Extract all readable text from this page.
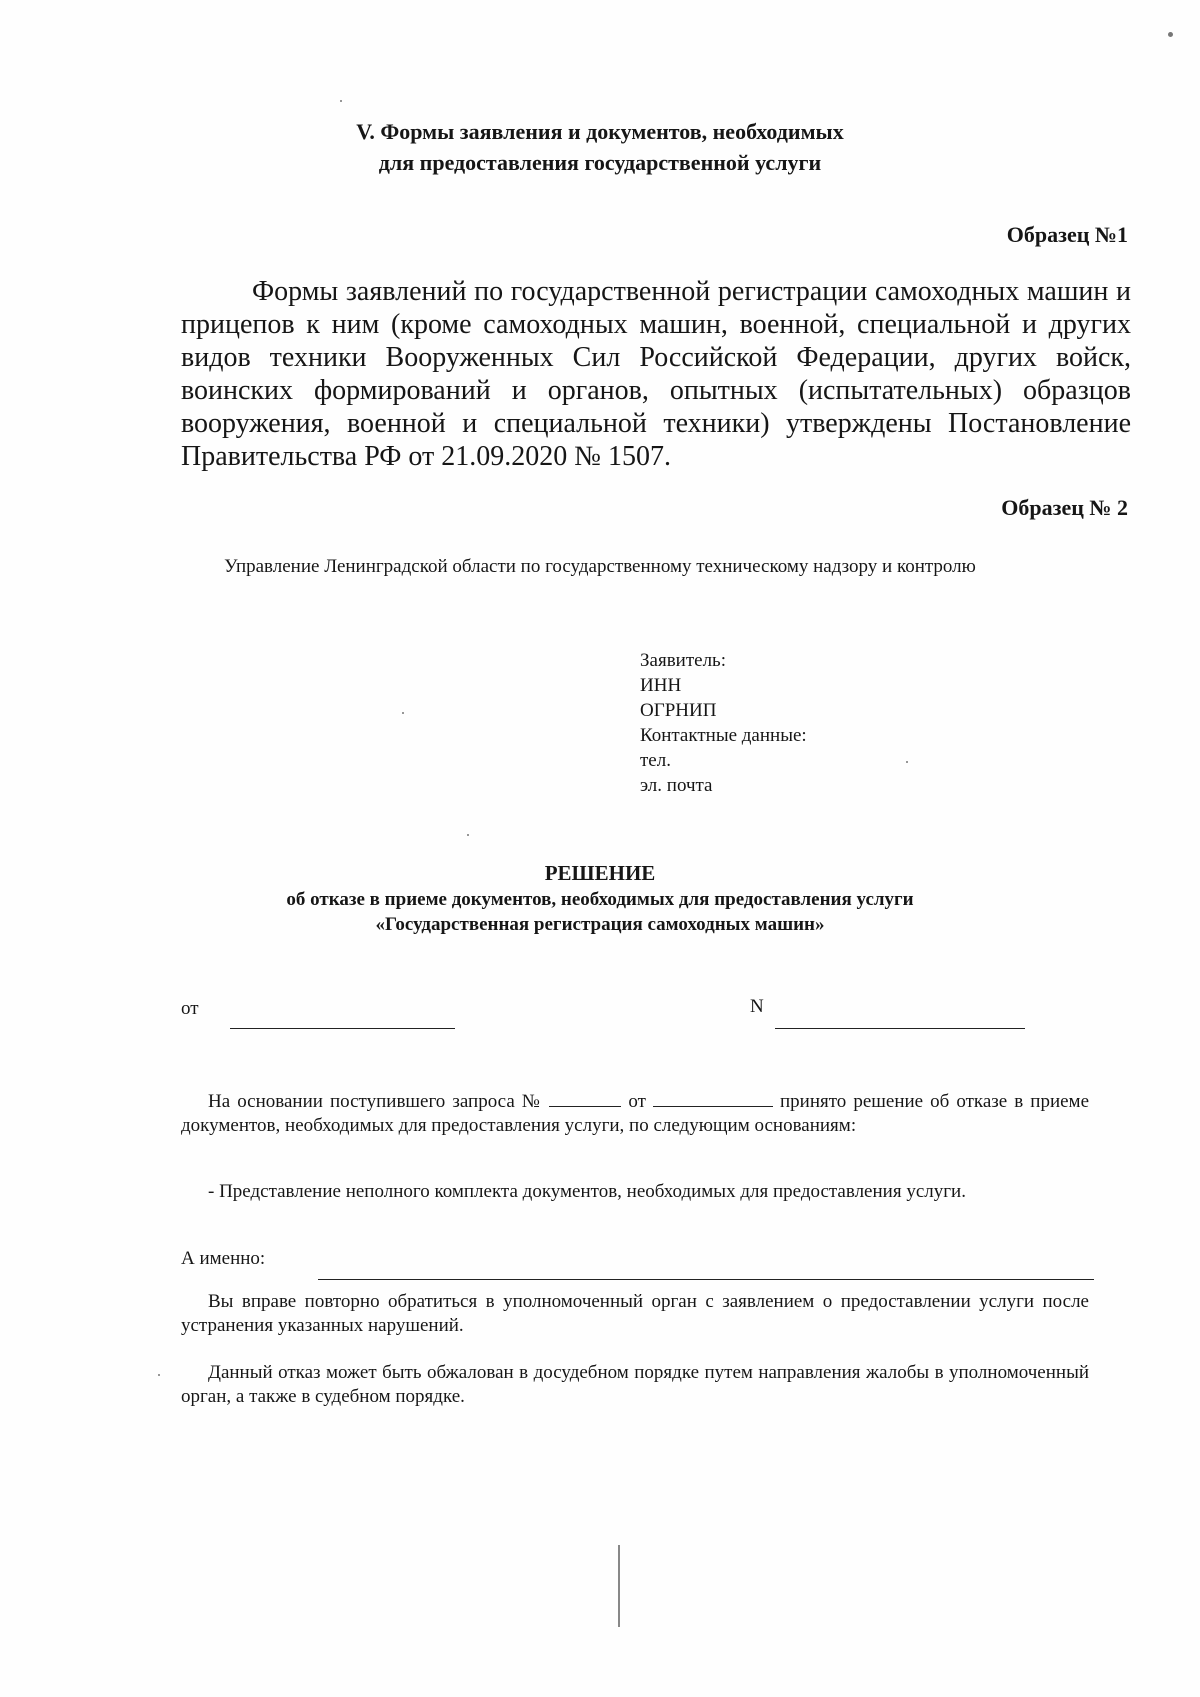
V. Формы заявления и документов, необходимых
для предоставления государственной услуги
Образец №1
Формы заявлений по государственной регистрации самоходных машин и прицепов к ним (кроме самоходных машин, военной, специальной и других видов техники Вооруженных Сил Российской Федерации, других войск, воинских формирований и органов, опытных (испытательных) образцов вооружения, военной и специальной техники) утверждены Постановление Правительства РФ от 21.09.2020 № 1507.
Образец № 2
Управление Ленинградской области по государственному техническому надзору и контролю
Заявитель:
ИНН
ОГРНИП
Контактные данные:
тел.
эл. почта
РЕШЕНИЕ
об отказе в приеме документов, необходимых для предоставления услуги
«Государственная регистрация самоходных машин»
от	N
На основании поступившего запроса №	от	принято решение об отказе в приеме документов, необходимых для предоставления услуги, по следующим основаниям:
- Представление неполного комплекта документов, необходимых для предоставления услуги.
А именно:
Вы вправе повторно обратиться в уполномоченный орган с заявлением о предоставлении услуги после устранения указанных нарушений.
Данный отказ может быть обжалован в досудебном порядке путем направления жалобы в уполномоченный орган, а также в судебном порядке.
